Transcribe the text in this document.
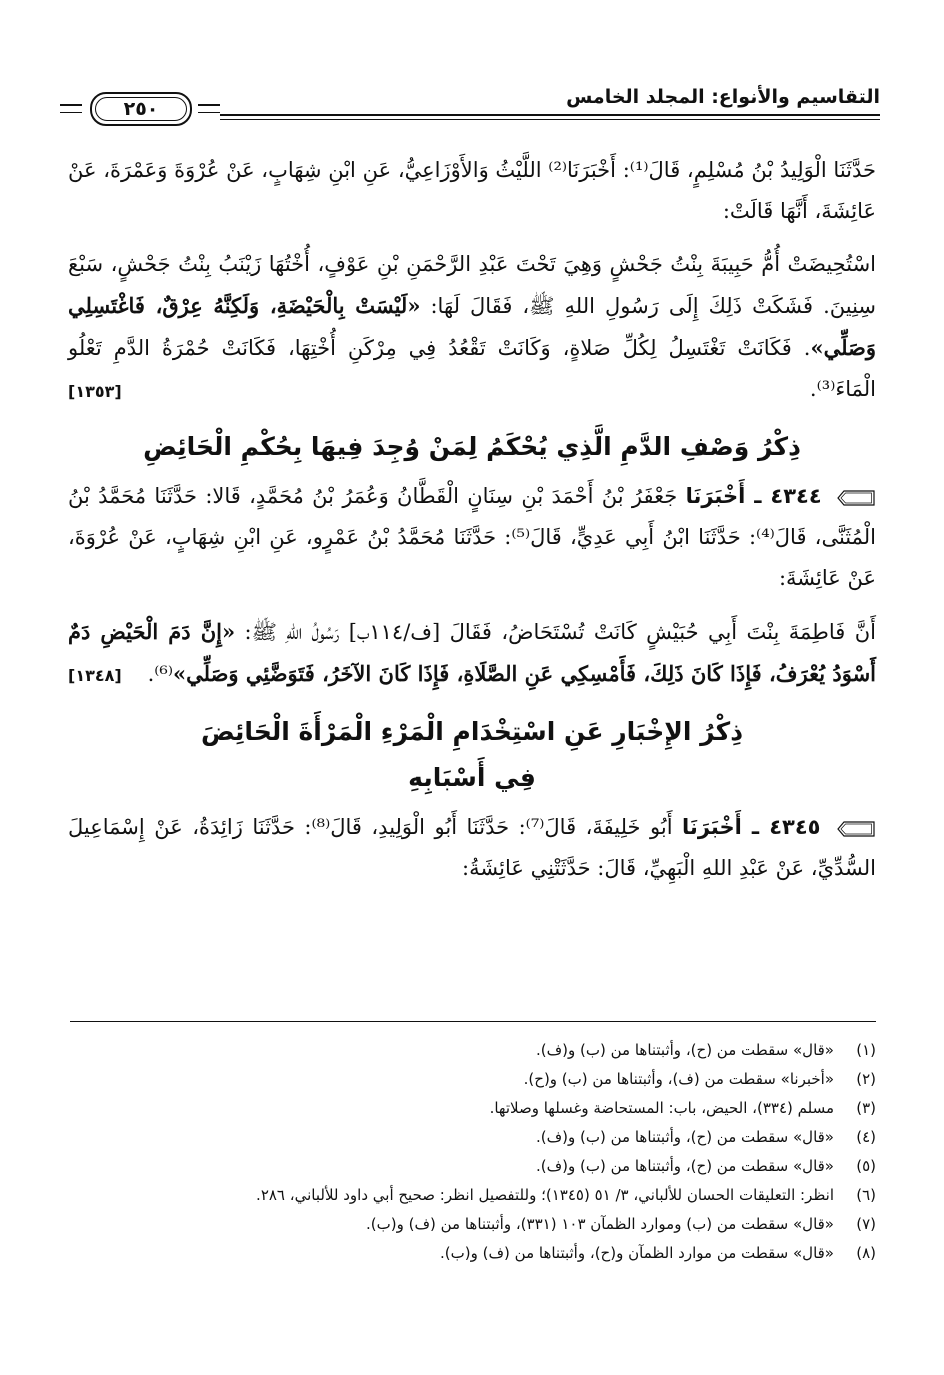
التقاسيم والأنواع: المجلد الخامس
٢٥٠

حَدَّثَنَا الْوَلِيدُ بْنُ مُسْلِمٍ، قَالَ⁽¹⁾: أَخْبَرَنَا⁽²⁾ اللَّيْثُ وَالأَوْزَاعِيُّ، عَنِ ابْنِ شِهَابٍ، عَنْ عُرْوَةَ وَعَمْرَةَ، عَنْ عَائِشَةَ، أَنَّهَا قَالَتْ:

اسْتُحِيضَتْ أُمُّ حَبِيبَةَ بِنْتُ جَحْشٍ وَهِيَ تَحْتَ عَبْدِ الرَّحْمَنِ بْنِ عَوْفٍ، أُخْتُهَا زَيْنَبُ بِنْتُ جَحْشٍ، سَبْعَ سِنِينَ. فَشَكَتْ ذَلِكَ إِلَى رَسُولِ اللهِ ﷺ، فَقَالَ لَهَا: «لَيْسَتْ بِالْحَيْضَةِ، وَلَكِنَّهُ عِرْقٌ، فَاغْتَسِلِي وَصَلِّي». فَكَانَتْ تَغْتَسِلُ لِكُلِّ صَلاةٍ، وَكَانَتْ تَقْعُدُ فِي مِرْكَنِ أُخْتِهَا، فَكَانَتْ حُمْرَةُ الدَّمِ تَعْلُو الْمَاءَ⁽³⁾.
[١٣٥٣]

ذِكْرُ وَصْفِ الدَّمِ الَّذِي يُحْكَمُ لِمَنْ وُجِدَ فِيهَا بِحُكْمِ الْحَائِضِ

٤٣٤٤ ـ أَخْبَرَنَا جَعْفَرُ بْنُ أَحْمَدَ بْنِ سِنَانٍ الْقَطَّانُ وَعُمَرُ بْنُ مُحَمَّدٍ، قَالا: حَدَّثَنَا مُحَمَّدُ بْنُ الْمُثَنَّى، قَالَ⁽⁴⁾: حَدَّثَنَا ابْنُ أَبِي عَدِيٍّ، قَالَ⁽⁵⁾: حَدَّثَنَا مُحَمَّدُ بْنُ عَمْرٍو، عَنِ ابْنِ شِهَابٍ، عَنْ عُرْوَةَ، عَنْ عَائِشَةَ:

أَنَّ فَاطِمَةَ بِنْتَ أَبِي حُبَيْشٍ كَانَتْ تُسْتَحَاضُ، فَقَالَ [ف/١١٤ب] رَسُولُ اللهِ ﷺ: «إِنَّ دَمَ الْحَيْضِ دَمٌ أَسْوَدُ يُعْرَفُ، فَإِذَا كَانَ ذَلِكَ، فَأَمْسِكِي عَنِ الصَّلَاةِ، فَإِذَا كَانَ الآخَرُ، فَتَوَضَّئِي وَصَلِّي»⁽⁶⁾.
[١٣٤٨]

ذِكْرُ الإِخْبَارِ عَنِ اسْتِخْدَامِ الْمَرْءِ الْمَرْأَةَ الْحَائِضَ
فِي أَسْبَابِهِ

٤٣٤٥ ـ أَخْبَرَنَا أَبُو خَلِيفَةَ، قَالَ⁽⁷⁾: حَدَّثَنَا أَبُو الْوَلِيدِ، قَالَ⁽⁸⁾: حَدَّثَنَا زَائِدَةُ، عَنْ إِسْمَاعِيلَ السُّدِّيِّ، عَنْ عَبْدِ اللهِ الْبَهِيِّ، قَالَ: حَدَّثَتْنِي عَائِشَةُ:

(١)
«قال» سقطت من (ح)، وأثبتناها من (ب) و(ف).
(٢)
«أخبرنا» سقطت من (ف)، وأثبتناها من (ب) و(ح).
(٣)
مسلم (٣٣٤)، الحيض، باب: المستحاضة وغسلها وصلاتها.
(٤)
«قال» سقطت من (ح)، وأثبتناها من (ب) و(ف).
(٥)
«قال» سقطت من (ح)، وأثبتناها من (ب) و(ف).
(٦)
انظر: التعليقات الحسان للألباني، ٣/ ٥١ (١٣٤٥)؛ وللتفصيل انظر: صحيح أبي داود للألباني، ٢٨٦.
(٧)
«قال» سقطت من (ب) وموارد الظمآن ١٠٣ (٣٣١)، وأثبتناها من (ف) و(ب).
(٨)
«قال» سقطت من موارد الظمآن و(ح)، وأثبتناها من (ف) و(ب).
